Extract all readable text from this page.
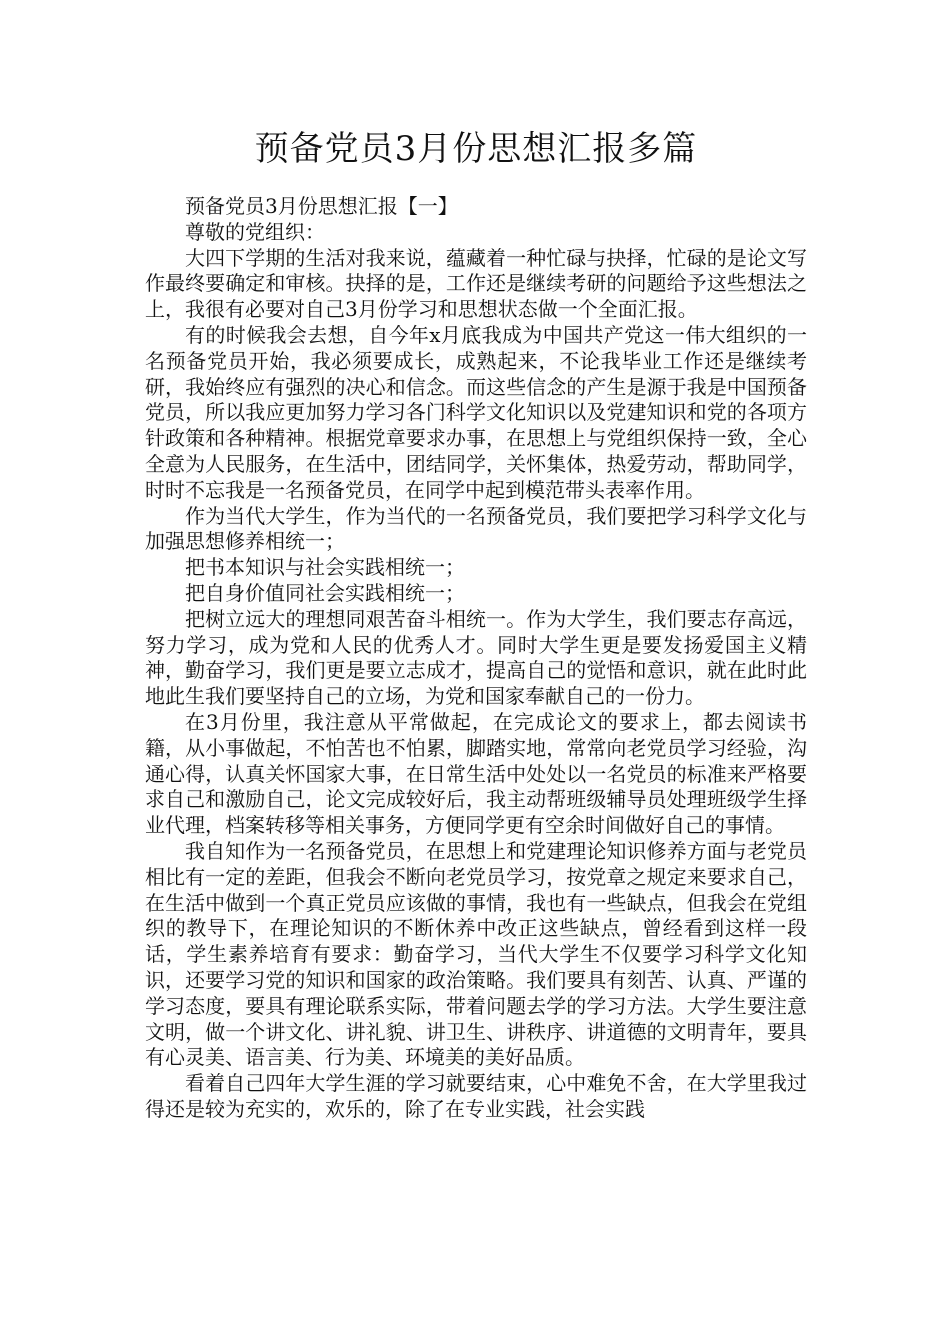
预备党员3月份思想汇报多篇

预备党员3月份思想汇报【一】

尊敬的党组织：

大四下学期的生活对我来说，蕴藏着一种忙碌与抉择，忙碌的是论文写作最终要确定和审核。抉择的是，工作还是继续考研的问题给予这些想法之上，我很有必要对自己3月份学习和思想状态做一个全面汇报。

有的时候我会去想，自今年x月底我成为中国共产党这一伟大组织的一名预备党员开始，我必须要成长，成熟起来，不论我毕业工作还是继续考研，我始终应有强烈的决心和信念。而这些信念的产生是源于我是中国预备党员，所以我应更加努力学习各门科学文化知识以及党建知识和党的各项方针政策和各种精神。根据党章要求办事，在思想上与党组织保持一致，全心全意为人民服务，在生活中，团结同学，关怀集体，热爱劳动，帮助同学，时时不忘我是一名预备党员，在同学中起到模范带头表率作用。

作为当代大学生，作为当代的一名预备党员，我们要把学习科学文化与加强思想修养相统一；

把书本知识与社会实践相统一；

把自身价值同社会实践相统一；

把树立远大的理想同艰苦奋斗相统一。作为大学生，我们要志存高远，努力学习，成为党和人民的优秀人才。同时大学生更是要发扬爱国主义精神，勤奋学习，我们更是要立志成才，提高自己的觉悟和意识，就在此时此地此生我们要坚持自己的立场，为党和国家奉献自己的一份力。

在3月份里，我注意从平常做起，在完成论文的要求上，都去阅读书籍，从小事做起，不怕苦也不怕累，脚踏实地，常常向老党员学习经验，沟通心得，认真关怀国家大事，在日常生活中处处以一名党员的标准来严格要求自己和激励自己，论文完成较好后，我主动帮班级辅导员处理班级学生择业代理，档案转移等相关事务，方便同学更有空余时间做好自己的事情。

我自知作为一名预备党员，在思想上和党建理论知识修养方面与老党员相比有一定的差距，但我会不断向老党员学习，按党章之规定来要求自己，在生活中做到一个真正党员应该做的事情，我也有一些缺点，但我会在党组织的教导下，在理论知识的不断休养中改正这些缺点，曾经看到这样一段话，学生素养培育有要求：勤奋学习，当代大学生不仅要学习科学文化知识，还要学习党的知识和国家的政治策略。我们要具有刻苦、认真、严谨的学习态度，要具有理论联系实际，带着问题去学的学习方法。大学生要注意文明，做一个讲文化、讲礼貌、讲卫生、讲秩序、讲道德的文明青年，要具有心灵美、语言美、行为美、环境美的美好品质。

看着自己四年大学生涯的学习就要结束，心中难免不舍，在大学里我过得还是较为充实的，欢乐的，除了在专业实践，社会实践
